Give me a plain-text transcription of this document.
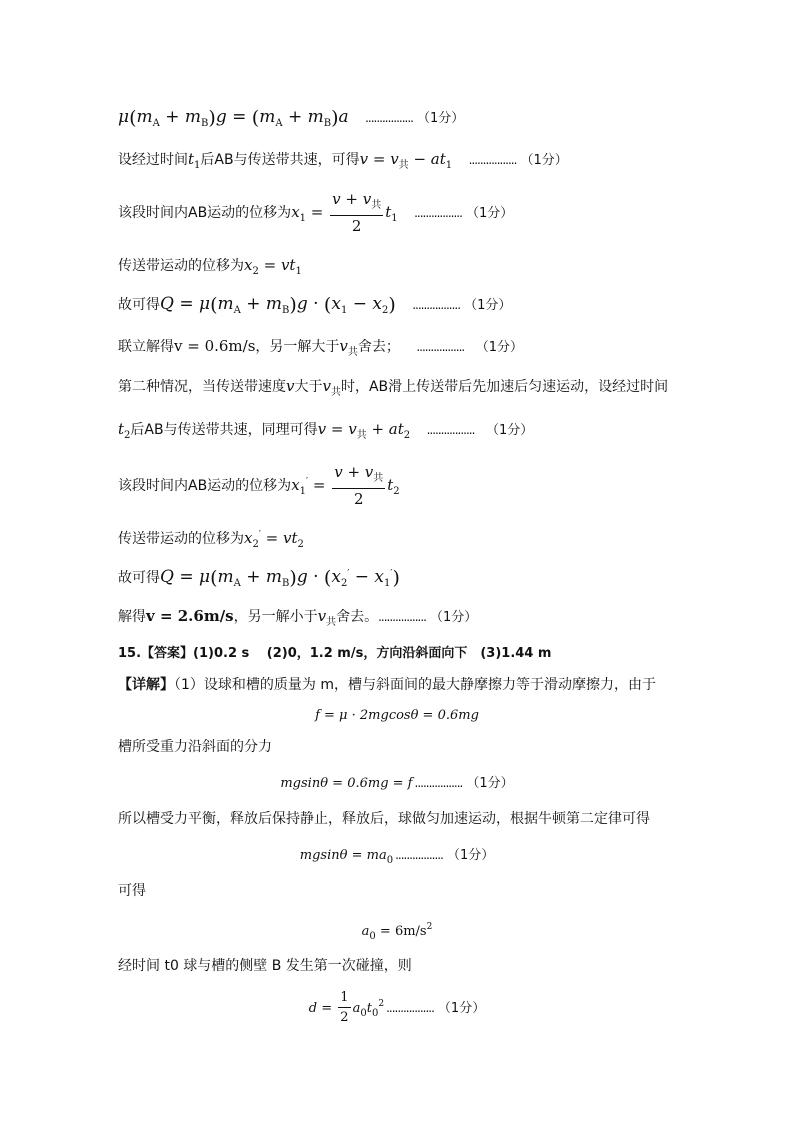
$\mu(m_A + m_B)g = (m_A + m_B)a$ ................. （1分）
设经过时间$t_1$后AB与传送带共速，可得$v = v_共 - at_1$ ................. （1分）
该段时间内AB运动的位移为$x_1 = \frac{v + v_共}{2} t_1$ ................. （1分）
传送带运动的位移为$x_2 = vt_1$
故可得$Q = \mu(m_A + m_B)g \cdot (x_1 - x_2)$ ................. （1分）
联立解得v = 0.6m/s，另一解大于$v_共$舍去； .................　 （1分）
第二种情况，当传送带速度v大于$v_共$时，AB滑上传送带后先加速后匀速运动，设经过时间
$t_2$后AB与传送带共速，同理可得$v = v_共 + at_2$ .................　 （1分）
该段时间内AB运动的位移为$x_1' = \frac{v + v_共}{2} t_2$
传送带运动的位移为$x_2' = vt_2$
故可得$Q = \mu(m_A + m_B)g \cdot (x_2' - x_1')$
解得v = 2.6m/s，另一解小于$v_共$舍去。................. （1分）
15.【答案】(1)0.2 s　 (2)0，1.2 m/s，方向沿斜面向下　(3)1.44 m
【详解】（1）设球和槽的质量为 m，槽与斜面间的最大静摩擦力等于滑动摩擦力，由于
f = μ · 2mgcosθ = 0.6mg
槽所受重力沿斜面的分力
mgsinθ = 0.6mg = f ................. （1分）
所以槽受力平衡，释放后保持静止，释放后，球做匀加速运动，根据牛顿第二定律可得
$mgsin\theta = ma_0$ ................. （1分）
可得
$a_0 = 6m/s^2$
经时间 t0 球与槽的侧壁 B 发生第一次碰撞，则
$d = \frac{1}{2} a_0t_0^2$ ................. （1分）
